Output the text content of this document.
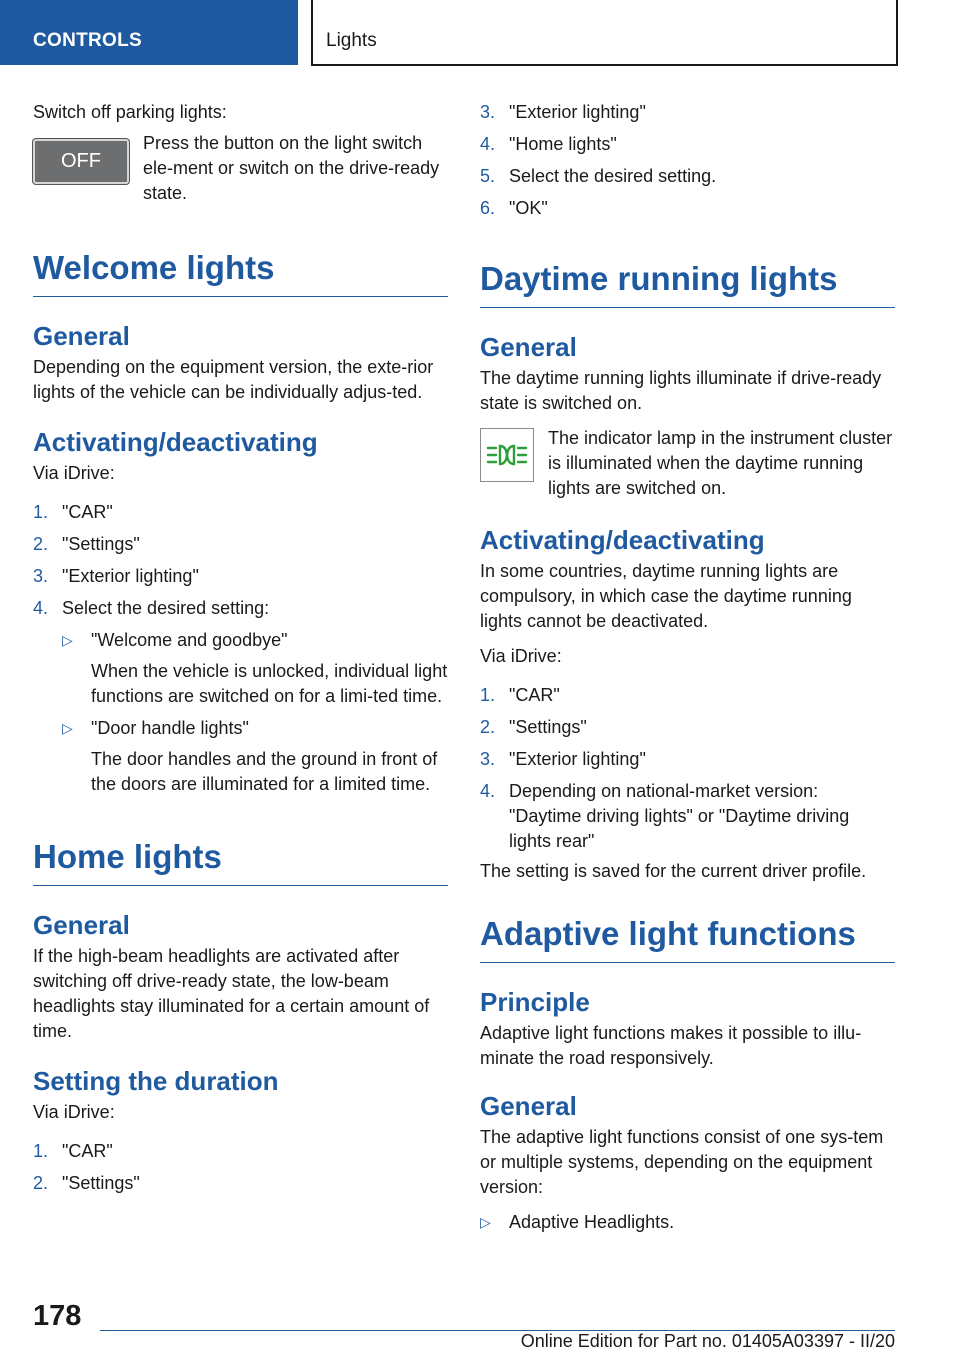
CONTROLS	Lights

Switch off parking lights:

OFF

Press the button on the light switch ele-ment or switch on the drive-ready state.

Welcome lights
General

Depending on the equipment version, the exte-rior lights of the vehicle can be individually adjus-ted.

Activating/deactivating

Via iDrive:

1. "CAR"
2. "Settings"
3. "Exterior lighting"
4. Select the desired setting:
▷ "Welcome and goodbye"
When the vehicle is unlocked, individual light functions are switched on for a limi-ted time.
▷ "Door handle lights"
The door handles and the ground in front of the doors are illuminated for a limited time.
Home lights
General

If the high-beam headlights are activated after switching off drive-ready state, the low-beam headlights stay illuminated for a certain amount of time.

Setting the duration

Via iDrive:

1. "CAR"
2. "Settings"
3. "Exterior lighting"
4. "Home lights"
5. Select the desired setting.
6. "OK"
Daytime running lights
General

The daytime running lights illuminate if drive-ready state is switched on.

The indicator lamp in the instrument cluster is illuminated when the daytime running lights are switched on.

Activating/deactivating

In some countries, daytime running lights are compulsory, in which case the daytime running lights cannot be deactivated.

Via iDrive:

1. "CAR"
2. "Settings"
3. "Exterior lighting"
4. Depending on national-market version: "Daytime driving lights" or "Daytime driving lights rear"

The setting is saved for the current driver profile.

Adaptive light functions
Principle

Adaptive light functions makes it possible to illu-minate the road responsively.

General

The adaptive light functions consist of one sys-tem or multiple systems, depending on the equipment version:

▷ Adaptive Headlights.
178
Online Edition for Part no. 01405A03397 - II/20
